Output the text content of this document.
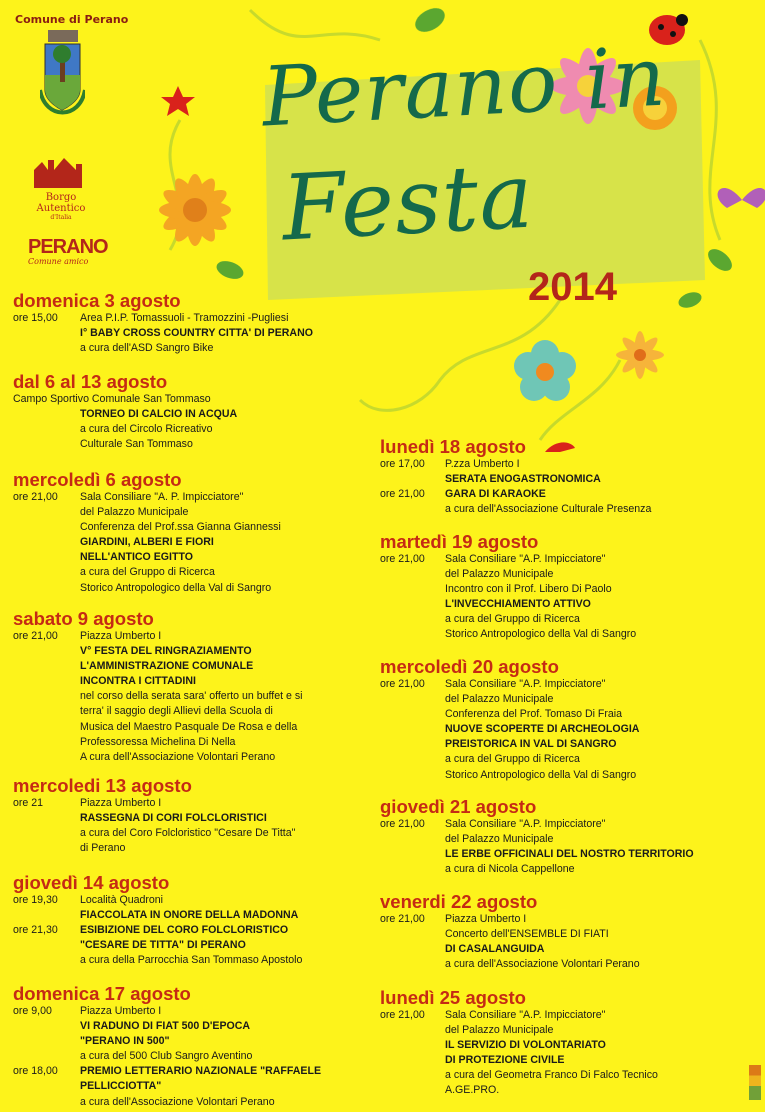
Comune di Perano
Borgo
Autentico
d'Italia
PERANO
Comune amico
Perano in
Festa
2014
domenica 3 agosto
ore 15,00 Area P.I.P. Tomassuoli - Tramozzini -Pugliesi
I° BABY CROSS COUNTRY CITTA' DI PERANO
a cura dell'ASD Sangro Bike
dal 6 al 13 agosto
Campo Sportivo Comunale San Tommaso
TORNEO DI CALCIO IN ACQUA
a cura del Circolo Ricreativo
Culturale San Tommaso
mercoledì 6 agosto
ore 21,00 Sala Consiliare "A. P. Impicciatore"
del Palazzo Municipale
Conferenza del Prof.ssa Gianna Giannessi
GIARDINI, ALBERI E FIORI
NELL'ANTICO EGITTO
a cura del Gruppo di Ricerca
Storico Antropologico della Val di Sangro
sabato 9 agosto
ore 21,00 Piazza Umberto I
V° FESTA DEL RINGRAZIAMENTO
L'AMMINISTRAZIONE COMUNALE
INCONTRA I CITTADINI
nel corso della serata sara' offerto un buffet e si
terra' il saggio degli Allievi della Scuola di
Musica del Maestro Pasquale De Rosa e della
Professoressa Michelina Di Nella
A cura dell'Associazione Volontari Perano
mercoledi 13 agosto
ore 21	Piazza Umberto I
RASSEGNA DI CORI FOLCLORISTICI
a cura del Coro Folcloristico "Cesare De Titta"
di Perano
giovedì 14 agosto
ore 19,30 Località Quadroni
FIACCOLATA IN ONORE DELLA MADONNA
ore 21,30 ESIBIZIONE DEL CORO FOLCLORISTICO
"CESARE DE TITTA" DI PERANO
a cura della Parrocchia San Tommaso Apostolo
domenica 17 agosto
ore 9,00	Piazza Umberto I
VI RADUNO DI FIAT 500 D'EPOCA
"PERANO IN 500"
a cura del 500 Club Sangro Aventino
ore 18,00 PREMIO LETTERARIO NAZIONALE "RAFFAELE
PELLICCIOTTA"
a cura dell'Associazione Volontari Perano
lunedì 18 agosto
ore 17,00 P.zza Umberto I
SERATA ENOGASTRONOMICA
ore 21,00 GARA DI KARAOKE
a cura dell'Associazione Culturale Presenza
martedì 19 agosto
ore 21,00 Sala Consiliare "A.P. Impicciatore"
del Palazzo Municipale
Incontro con il Prof. Libero Di Paolo
L'INVECCHIAMENTO ATTIVO
a cura del Gruppo di Ricerca
Storico Antropologico della Val di Sangro
mercoledì 20 agosto
ore 21,00 Sala Consiliare "A.P. Impicciatore"
del Palazzo Municipale
Conferenza del Prof. Tomaso Di Fraia
NUOVE SCOPERTE DI ARCHEOLOGIA
PREISTORICA IN VAL DI SANGRO
a cura del Gruppo di Ricerca
Storico Antropologico della Val di Sangro
giovedì 21 agosto
ore 21,00 Sala Consiliare "A.P. Impicciatore"
del Palazzo Municipale
LE ERBE OFFICINALI DEL NOSTRO TERRITORIO
a cura di Nicola Cappellone
venerdi 22 agosto
ore 21,00 Piazza Umberto I
Concerto dell'ENSEMBLE DI FIATI
DI CASALANGUIDA
a cura dell'Associazione Volontari Perano
lunedì 25 agosto
ore 21,00 Sala Consiliare "A.P. Impicciatore"
del Palazzo Municipale
IL SERVIZIO DI VOLONTARIATO
DI PROTEZIONE CIVILE
a cura del Geometra Franco Di Falco Tecnico
A.GE.PRO.
